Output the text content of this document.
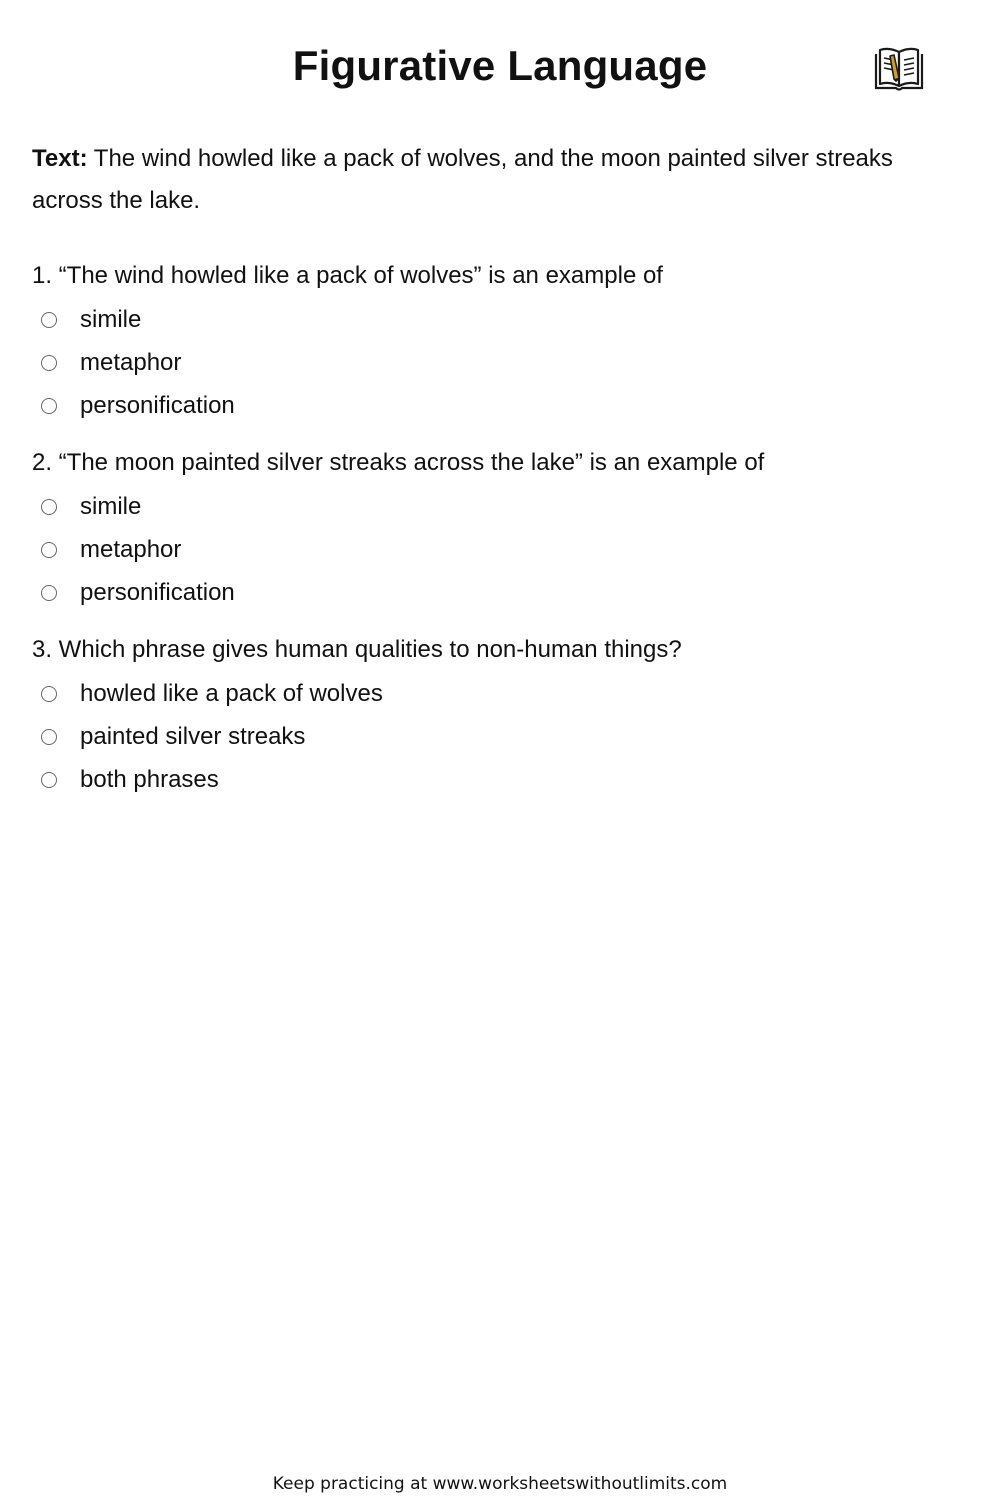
Figurative Language
Text: The wind howled like a pack of wolves, and the moon painted silver streaks across the lake.
1. “The wind howled like a pack of wolves” is an example of
simile
metaphor
personification
2. “The moon painted silver streaks across the lake” is an example of
simile
metaphor
personification
3. Which phrase gives human qualities to non-human things?
howled like a pack of wolves
painted silver streaks
both phrases
Keep practicing at www.worksheetswithoutlimits.com
